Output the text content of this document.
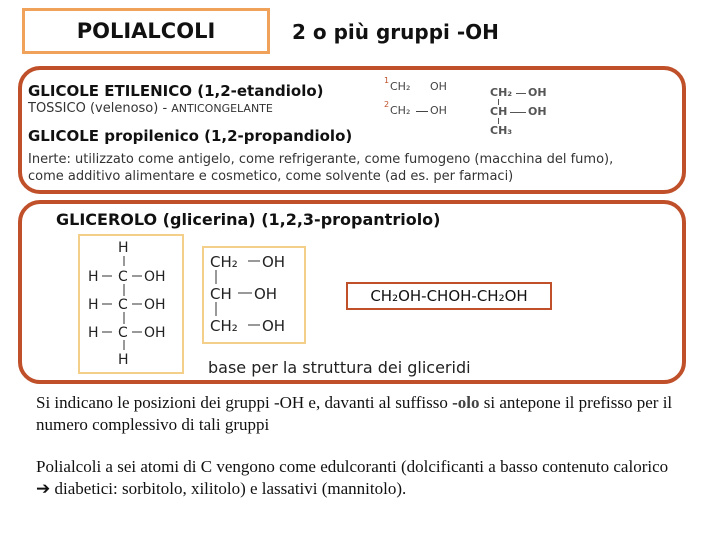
POLIALCOLI	2 o più gruppi -OH
GLICOLE ETILENICO (1,2-etandiolo)
TOSSICO (velenoso) - ANTICONGELANTE
1 CH₂ OH
2 CH₂ OH
CH₂ OH
CH OH
CH₃
GLICOLE propilenico (1,2-propandiolo)
Inerte: utilizzato come antigelo, come refrigerante, come fumogeno (macchina del fumo), come additivo alimentare e cosmetico, come solvente (ad es. per farmaci)
GLICEROLO (glicerina) (1,2,3-propantriolo)
H
H C OH
H C OH
H C OH
H
CH₂ OH
CH OH
CH₂ OH
CH₂OH-CHOH-CH₂OH
base per la struttura dei gliceridi
Si indicano le posizioni dei gruppi -OH e, davanti al suffisso -olo si antepone il prefisso per il numero complessivo di tali gruppi
Polialcoli a sei atomi di C vengono come edulcoranti (dolcificanti a basso contenuto calorico ➔ diabetici: sorbitolo, xilitolo) e lassativi (mannitolo).
